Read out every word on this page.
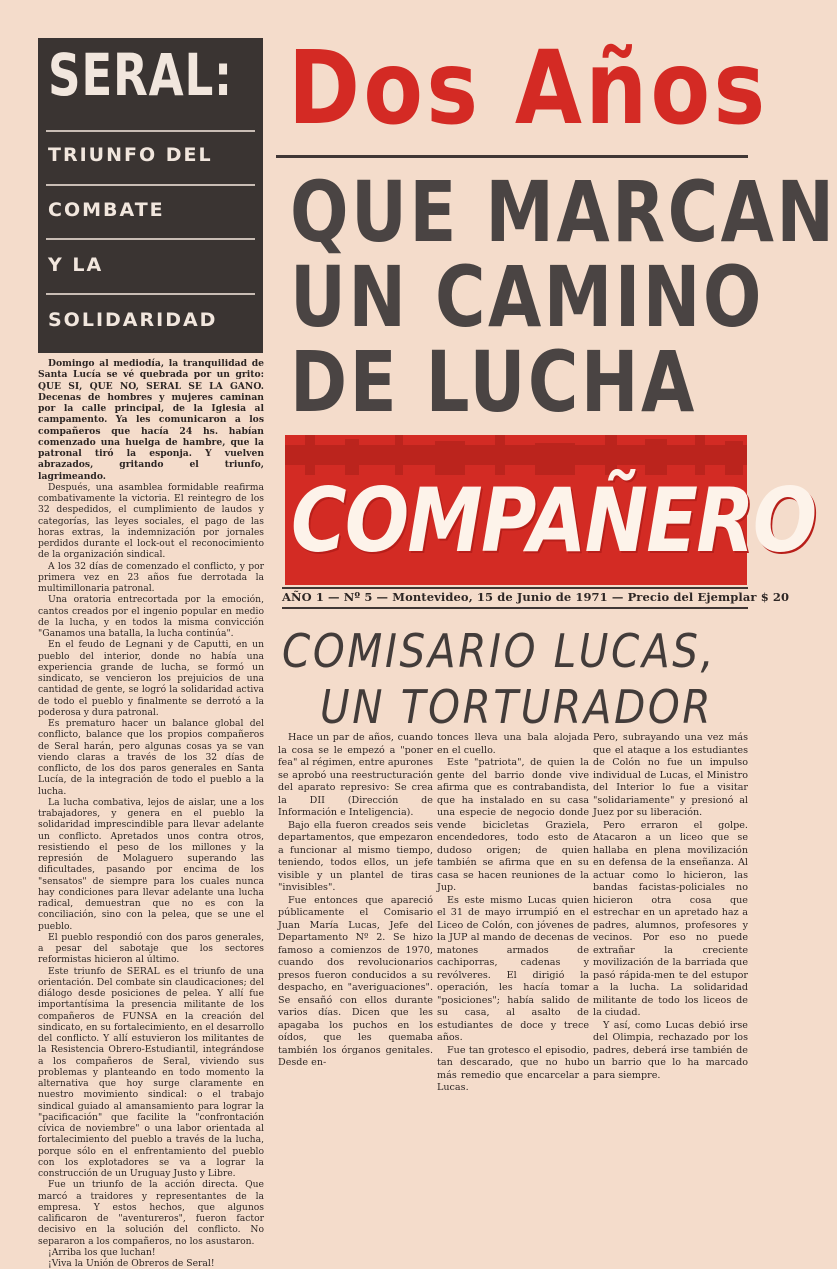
SERAL:
TRIUNFO DEL
COMBATE
Y LA
SOLIDARIDAD
Dos Años
QUE MARCAN
UN CAMINO
DE LUCHA
COMPAÑERO
AÑO 1 — Nº 5 — Montevideo, 15 de Junio de 1971 — Precio del Ejemplar $ 20
COMISARIO LUCAS,
UN TORTURADOR

Domingo al mediodía, la tranquilidad de Santa Lucía se vé quebrada por un grito: QUE SI, QUE NO, SERAL SE LA GANO. Decenas de hombres y mujeres caminan por la calle principal, de la Iglesia al campamento. Ya les comunicaron a los compañeros que hacía 24 hs. habían comenzado una huelga de hambre, que la patronal tiró la esponja. Y vuelven abrazados, gritando el triunfo, lagrimeando.

Después, una asamblea formidable reafirma combativamente la victoria. El reintegro de los 32 despedidos, el cumplimiento de laudos y categorías, las leyes sociales, el pago de las horas extras, la indemnización por jornales perdidos durante el lock-out el reconocimiento de la organización sindical.

A los 32 días de comenzado el conflicto, y por primera vez en 23 años fue derrotada la multimillonaria patronal.

Una oratoria entrecortada por la emoción, cantos creados por el ingenio popular en medio de la lucha, y en todos la misma convicción "Ganamos una batalla, la lucha continúa".

En el feudo de Legnani y de Caputti, en un pueblo del interior, donde no había una experiencia grande de lucha, se formó un sindicato, se vencieron los prejuicios de una cantidad de gente, se logró la solidaridad activa de todo el pueblo y finalmente se derrotó a la poderosa y dura patronal.

Es prematuro hacer un balance global del conflicto, balance que los propios compañeros de Seral harán, pero algunas cosas ya se van viendo claras a través de los 32 días de conflicto, de los dos paros generales en Santa Lucía, de la integración de todo el pueblo a la lucha.

La lucha combativa, lejos de aislar, une a los trabajadores, y genera en el pueblo la solidaridad imprescindible para llevar adelante un conflicto. Apretados unos contra otros, resistiendo el peso de los millones y la represión de Molaguero superando las dificultades, pasando por encima de los "sensatos" de siempre para los cuales nunca hay condiciones para llevar adelante una lucha radical, demuestran que no es con la conciliación, sino con la pelea, que se une el pueblo.

El pueblo respondió con dos paros generales, a pesar del sabotaje que los sectores reformistas hicieron al último.

Este triunfo de SERAL es el triunfo de una orientación. Del combate sin claudicaciones; del diálogo desde posiciones de pelea. Y allí fue importantísima la presencia militante de los compañeros de FUNSA en la creación del sindicato, en su fortalecimiento, en el desarrollo del conflicto. Y allí estuvieron los militantes de la Resistencia Obrero-Estudiantil, integrándose a los compañeros de Seral, viviendo sus problemas y planteando en todo momento la alternativa que hoy surge claramente en nuestro movimiento sindical: o el trabajo sindical guiado al amansamiento para lograr la "pacificación" que facilite la "confrontación cívica de noviembre" o una labor orientada al fortalecimiento del pueblo a través de la lucha, porque sólo en el enfrentamiento del pueblo con los explotadores se va a lograr la construcción de un Uruguay Justo y Libre.

Fue un triunfo de la acción directa. Que marcó a traidores y representantes de la empresa. Y estos hechos, que algunos calificaron de "aventureros", fueron factor decisivo en la solución del conflicto. No separaron a los compañeros, no los asustaron.

¡Arriba los que luchan!

¡Viva la Unión de Obreros de Seral!

Hace un par de años, cuando la cosa se le empezó a "poner fea" al régimen, entre apurones se aprobó una reestructuración del aparato represivo: Se crea la DII (Dirección de Información e Inteligencia).

Bajo ella fueron creados seis departamentos, que empezaron a funcionar al mismo tiempo, teniendo, todos ellos, un jefe visible y un plantel de tiras "invisibles".

Fue entonces que apareció públicamente el Comisario Juan María Lucas, Jefe del Departamento Nº 2. Se hizo famoso a comienzos de 1970, cuando dos revolucionarios presos fueron conducidos a su despacho, en "averiguaciones". Se ensañó con ellos durante varios días. Dicen que les apagaba los puchos en los oídos, que les quemaba también los órganos genitales. Desde en-

tonces lleva una bala alojada en el cuello.

Este "patriota", de quien la gente del barrio donde vive afirma que es contrabandista, que ha instalado en su casa una especie de negocio donde vende bicicletas Graziela, encendedores, todo esto de dudoso origen; de quien también se afirma que en su casa se hacen reuniones de la Jup.

Es este mismo Lucas quien el 31 de mayo irrumpió en el Liceo de Colón, con jóvenes de la JUP al mando de decenas de matones armados de cachiporras, cadenas y revólveres. El dirigió la operación, les hacía tomar "posiciones"; había salido de su casa, al asalto de estudiantes de doce y trece años.

Fue tan grotesco el episodio, tan descarado, que no hubo más remedio que encarcelar a Lucas.

Pero, subrayando una vez más que el ataque a los estudiantes de Colón no fue un impulso individual de Lucas, el Ministro del Interior lo fue a visitar "solidariamente" y presionó al Juez por su liberación.

Pero erraron el golpe. Atacaron a un liceo que se hallaba en plena movilización en defensa de la enseñanza. Al actuar como lo hicieron, las bandas facistas-policiales no hicieron otra cosa que estrechar en un apretado haz a padres, alumnos, profesores y vecinos. Por eso no puede extrañar la creciente movilización de la barriada que pasó rápida-men te del estupor a la lucha. La solidaridad militante de todo los liceos de la ciudad.

Y así, como Lucas debió irse del Olimpia, rechazado por los padres, deberá irse también de un barrio que lo ha marcado para siempre.
